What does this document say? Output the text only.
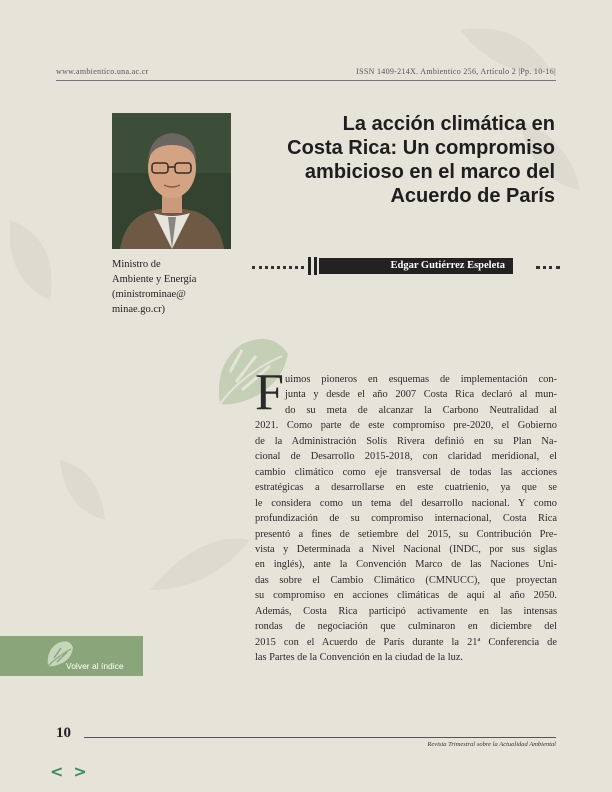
www.ambientico.una.ac.cr	ISSN 1409-214X. Ambientico 256, Artículo 2 |Pp. 10-16|
La acción climática en
Costa Rica: Un compromiso
ambicioso en el marco del
Acuerdo de París
Edgar Gutiérrez Espeleta
Ministro de
Ambiente y Energía
(ministrominae@
minae.go.cr)
F uimos pioneros en esquemas de implementación con-
junta y desde el año 2007 Costa Rica declaró al mun-
do su meta de alcanzar la Carbono Neutralidad al
2021. Como parte de este compromiso pre-2020, el Gobierno
de la Administración Solís Rivera definió en su Plan Na-
cional de Desarrollo 2015-2018, con claridad meridional, el
cambio climático como eje transversal de todas las acciones
estratégicas a desarrollarse en este cuatrienio, ya que se
le considera como un tema del desarrollo nacional. Y como
profundización de su compromiso internacional, Costa Rica
presentó a fines de setiembre del 2015, su Contribución Pre-
vista y Determinada a Nivel Nacional (INDC, por sus siglas
en inglés), ante la Convención Marco de las Naciones Uni-
das sobre el Cambio Climático (CMNUCC), que proyectan
su compromiso en acciones climáticas de aquí al año 2050.
Además, Costa Rica participó activamente en las intensas
rondas de negociación que culminaron en diciembre del
2015 con el Acuerdo de París durante la 21ª Conferencia de
las Partes de la Convención en la ciudad de la luz.
Volver al índice
10
Revista Trimestral sobre la Actualidad Ambiental
< >
